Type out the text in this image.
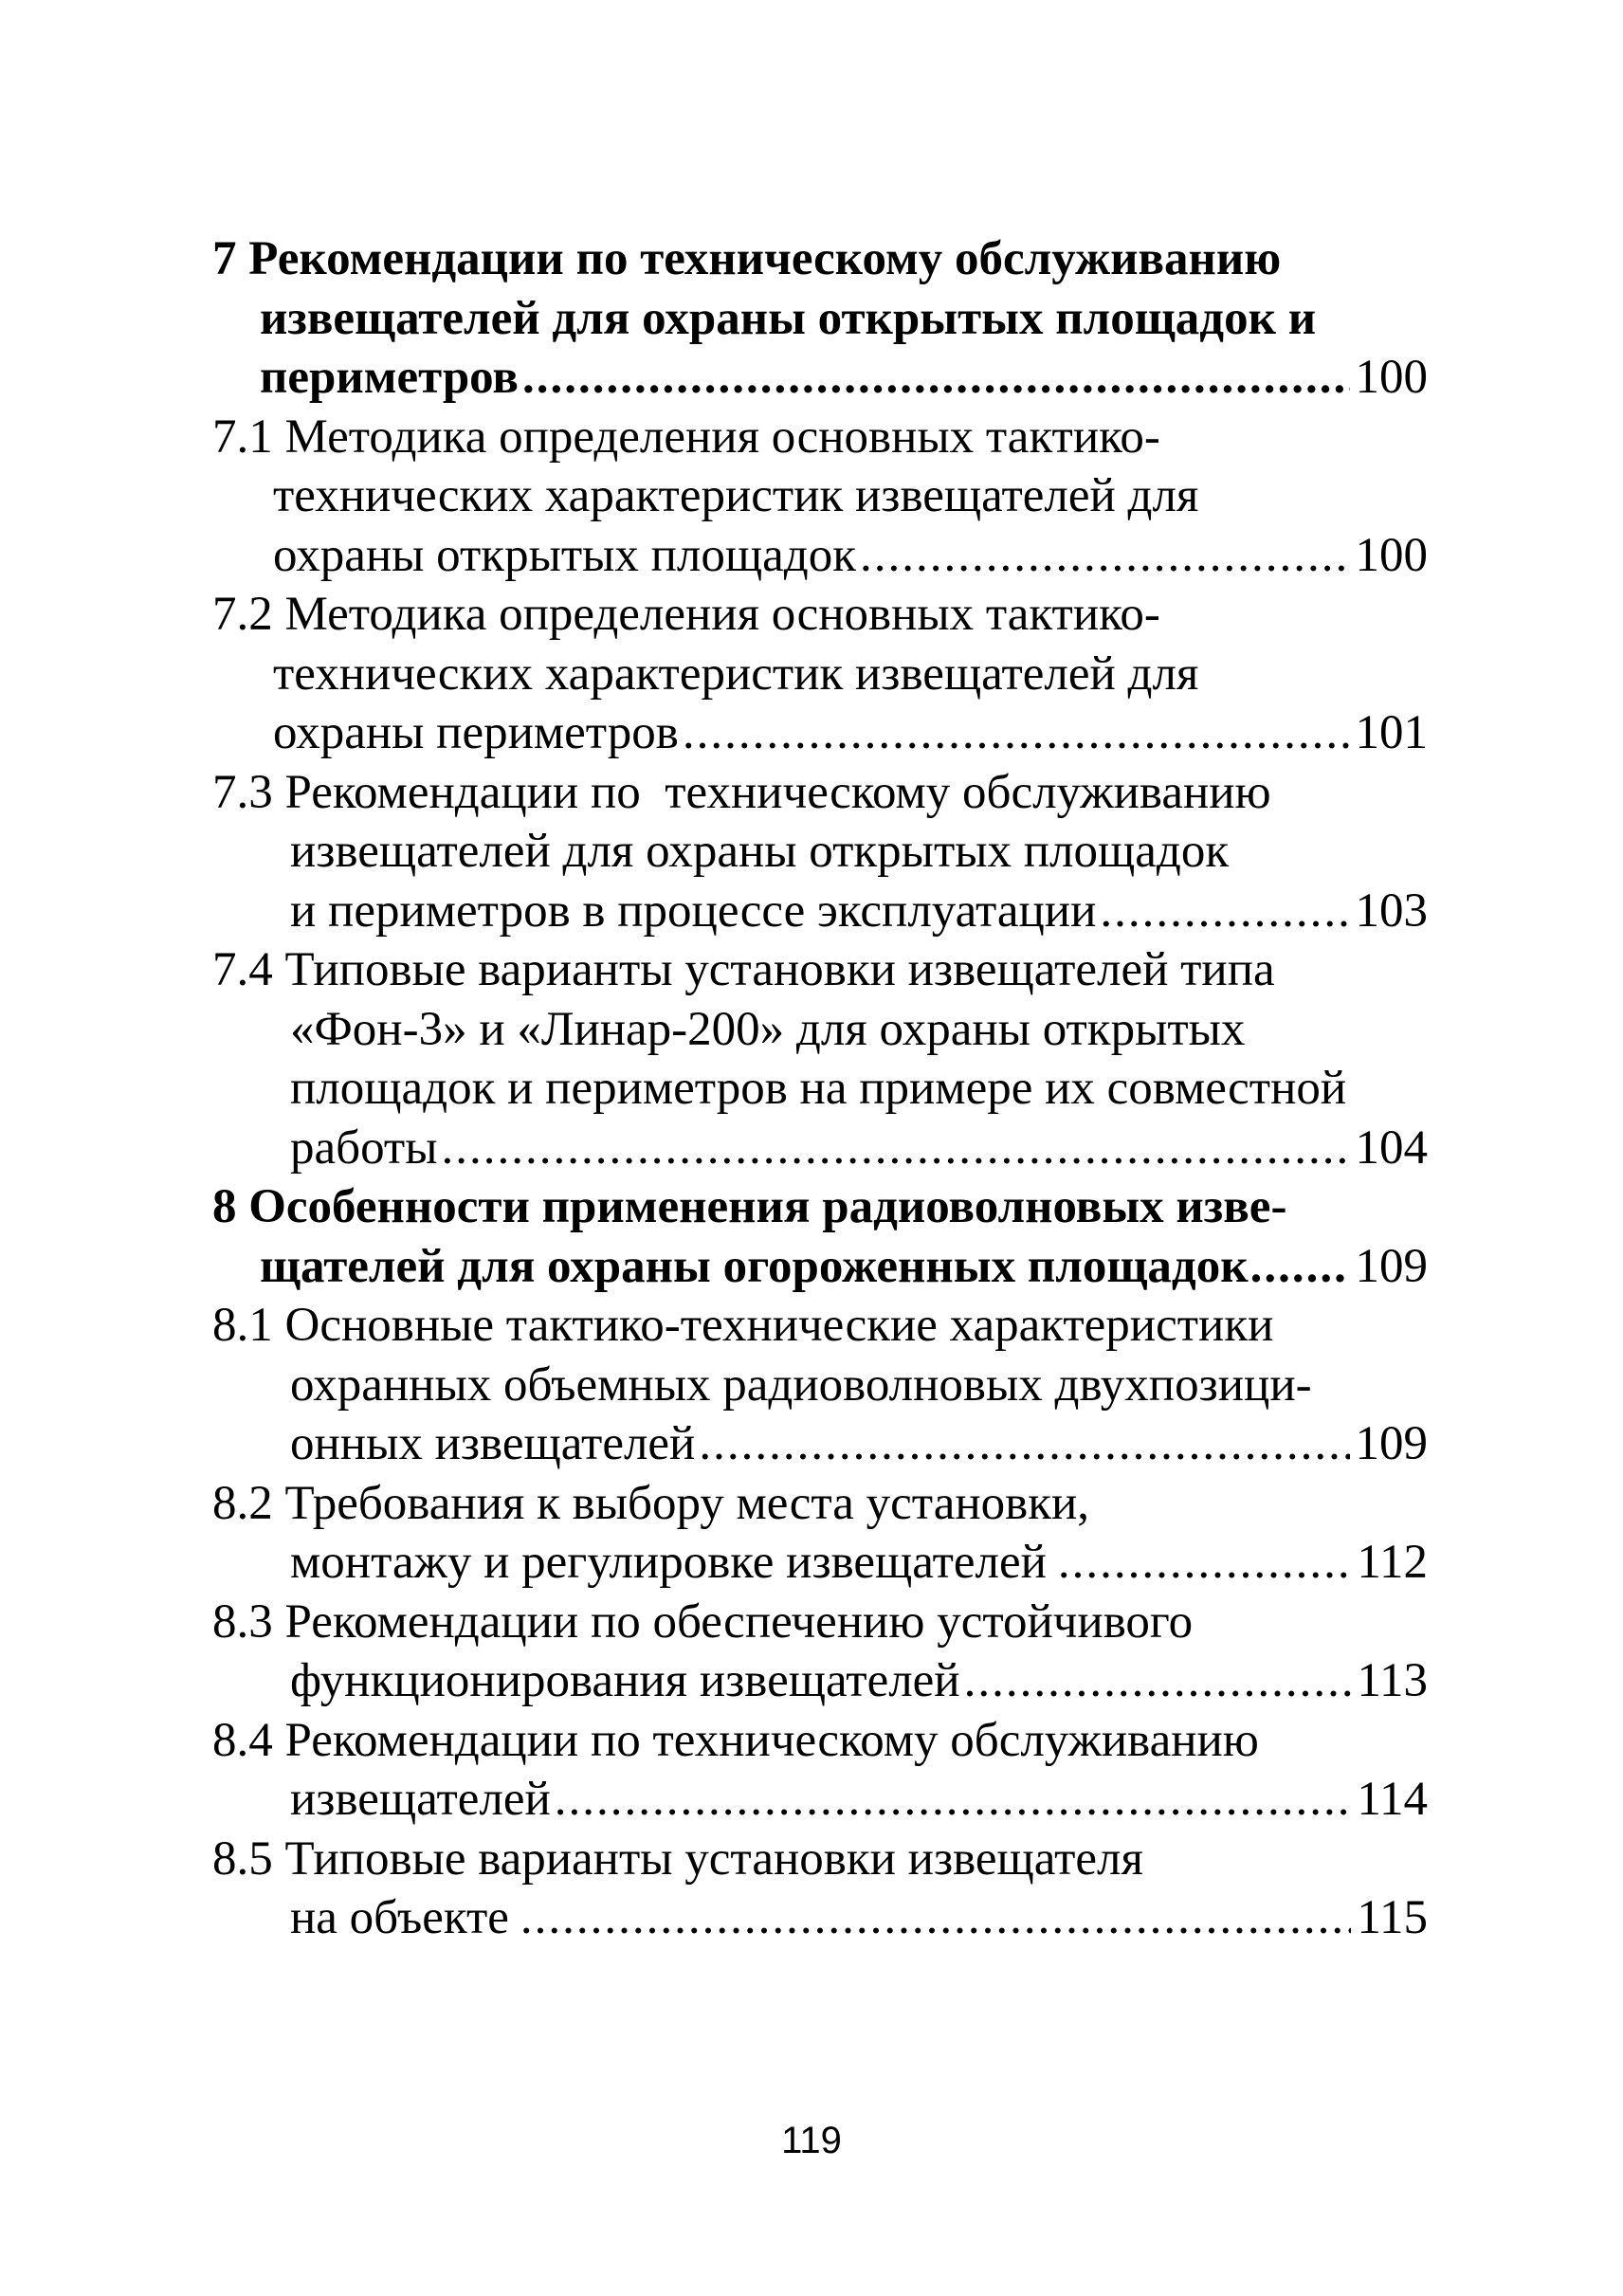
7 Рекомендации по техническому обслуживанию
извещателей для охраны открытых площадок и
периметров .....	100
7.1 Методика определения основных тактико-
технических характеристик извещателей для
охраны открытых площадок .....	100
7.2 Методика определения основных тактико-
технических характеристик извещателей для
охраны периметров .....	101
7.3 Рекомендации по  техническому обслуживанию
извещателей для охраны открытых площадок
и периметров в процессе эксплуатации .....	103
7.4 Типовые варианты установки извещателей типа
«Фон-3» и «Линар-200» для охраны открытых
площадок и периметров на примере их совместной
работы .....	104
8 Особенности применения радиоволновых изве-
щателей для охраны огороженных площадок ..... 109
8.1 Основные тактико-технические характеристики
охранных объемных радиоволновых двухпозици-
онных извещателей .....	109
8.2 Требования к выбору места установки,
монтажу и регулировке извещателей .....	112
8.3 Рекомендации по обеспечению устойчивого
функционирования извещателей .....	113
8.4 Рекомендации по техническому обслуживанию
извещателей .....	114
8.5 Типовые варианты установки извещателя
на объекте .....	115
119
